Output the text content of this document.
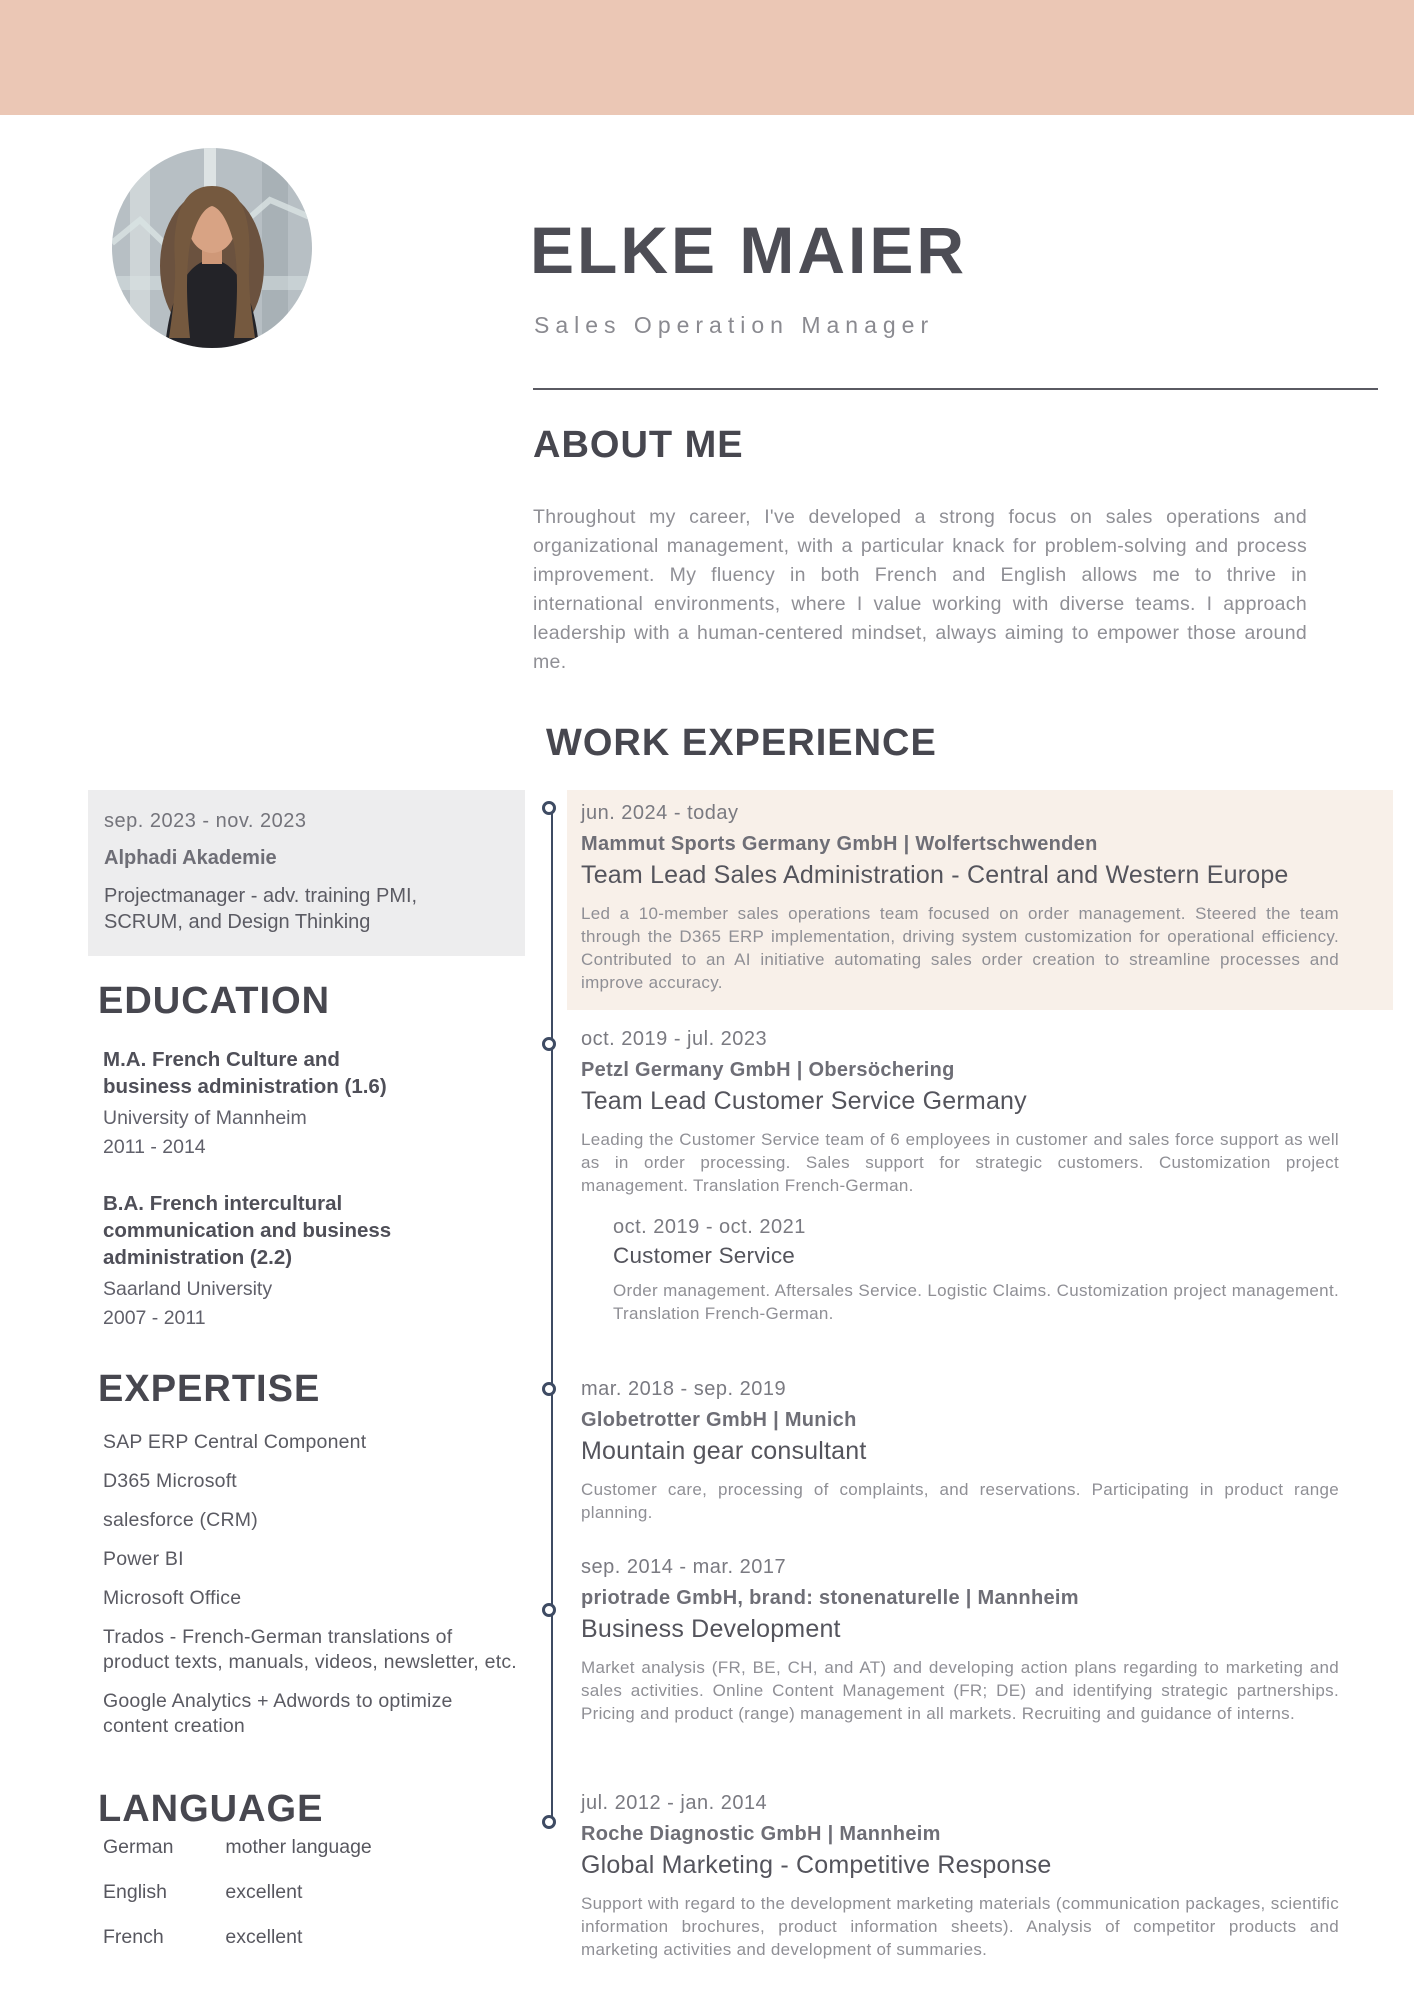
ELKE MAIER
Sales Operation Manager
ABOUT ME

Throughout my career, I've developed a strong focus on sales operations and organizational management, with a particular knack for problem-solving and process improvement. My fluency in both French and English allows me to thrive in international environments, where I value working with diverse teams. I approach leadership with a human-centered mindset, always aiming to empower those around me.

WORK EXPERIENCE
jun. 2024 - today
Mammut Sports Germany GmbH | Wolfertschwenden
Team Lead Sales Administration - Central and Western Europe

Led a 10-member sales operations team focused on order management. Steered the team through the D365 ERP implementation, driving system customization for operational efficiency. Contributed to an AI initiative automating sales order creation to streamline processes and improve accuracy.

oct. 2019 - jul. 2023
Petzl Germany GmbH | Obersöchering
Team Lead Customer Service Germany

Leading the Customer Service team of 6 employees in customer and sales force support as well as in order processing. Sales support for strategic customers. Customization project management. Translation French-German.

oct. 2019 - oct. 2021
Customer Service

Order management. Aftersales Service. Logistic Claims. Customization project management. Translation French-German.

mar. 2018 - sep. 2019
Globetrotter GmbH | Munich
Mountain gear consultant

Customer care, processing of complaints, and reservations. Participating in product range planning.

sep. 2014 - mar. 2017
priotrade GmbH, brand: stonenaturelle | Mannheim
Business Development

Market analysis (FR, BE, CH, and AT) and developing action plans regarding to marketing and sales activities. Online Content Management (FR; DE) and identifying strategic partnerships. Pricing and product (range) management in all markets. Recruiting and guidance of interns.

jul. 2012 - jan. 2014
Roche Diagnostic GmbH | Mannheim
Global Marketing - Competitive Response

Support with regard to the development marketing materials (communication packages, scientific information brochures, product information sheets). Analysis of competitor products and marketing activities and development of summaries.

sep. 2023 - nov. 2023
Alphadi Akademie
Projectmanager - adv. training PMI, SCRUM, and Design Thinking
EDUCATION
M.A. French Culture and business administration (1.6)
University of Mannheim
2011 - 2014
B.A. French intercultural communication and business administration (2.2)
Saarland University
2007 - 2011
EXPERTISE
SAP ERP Central Component
D365 Microsoft
salesforce (CRM)
Power BI
Microsoft Office
Trados - French-German translations of product texts, manuals, videos, newsletter, etc.
Google Analytics + Adwords to optimize content creation
LANGUAGE
German	mother language
English	excellent
French	excellent
